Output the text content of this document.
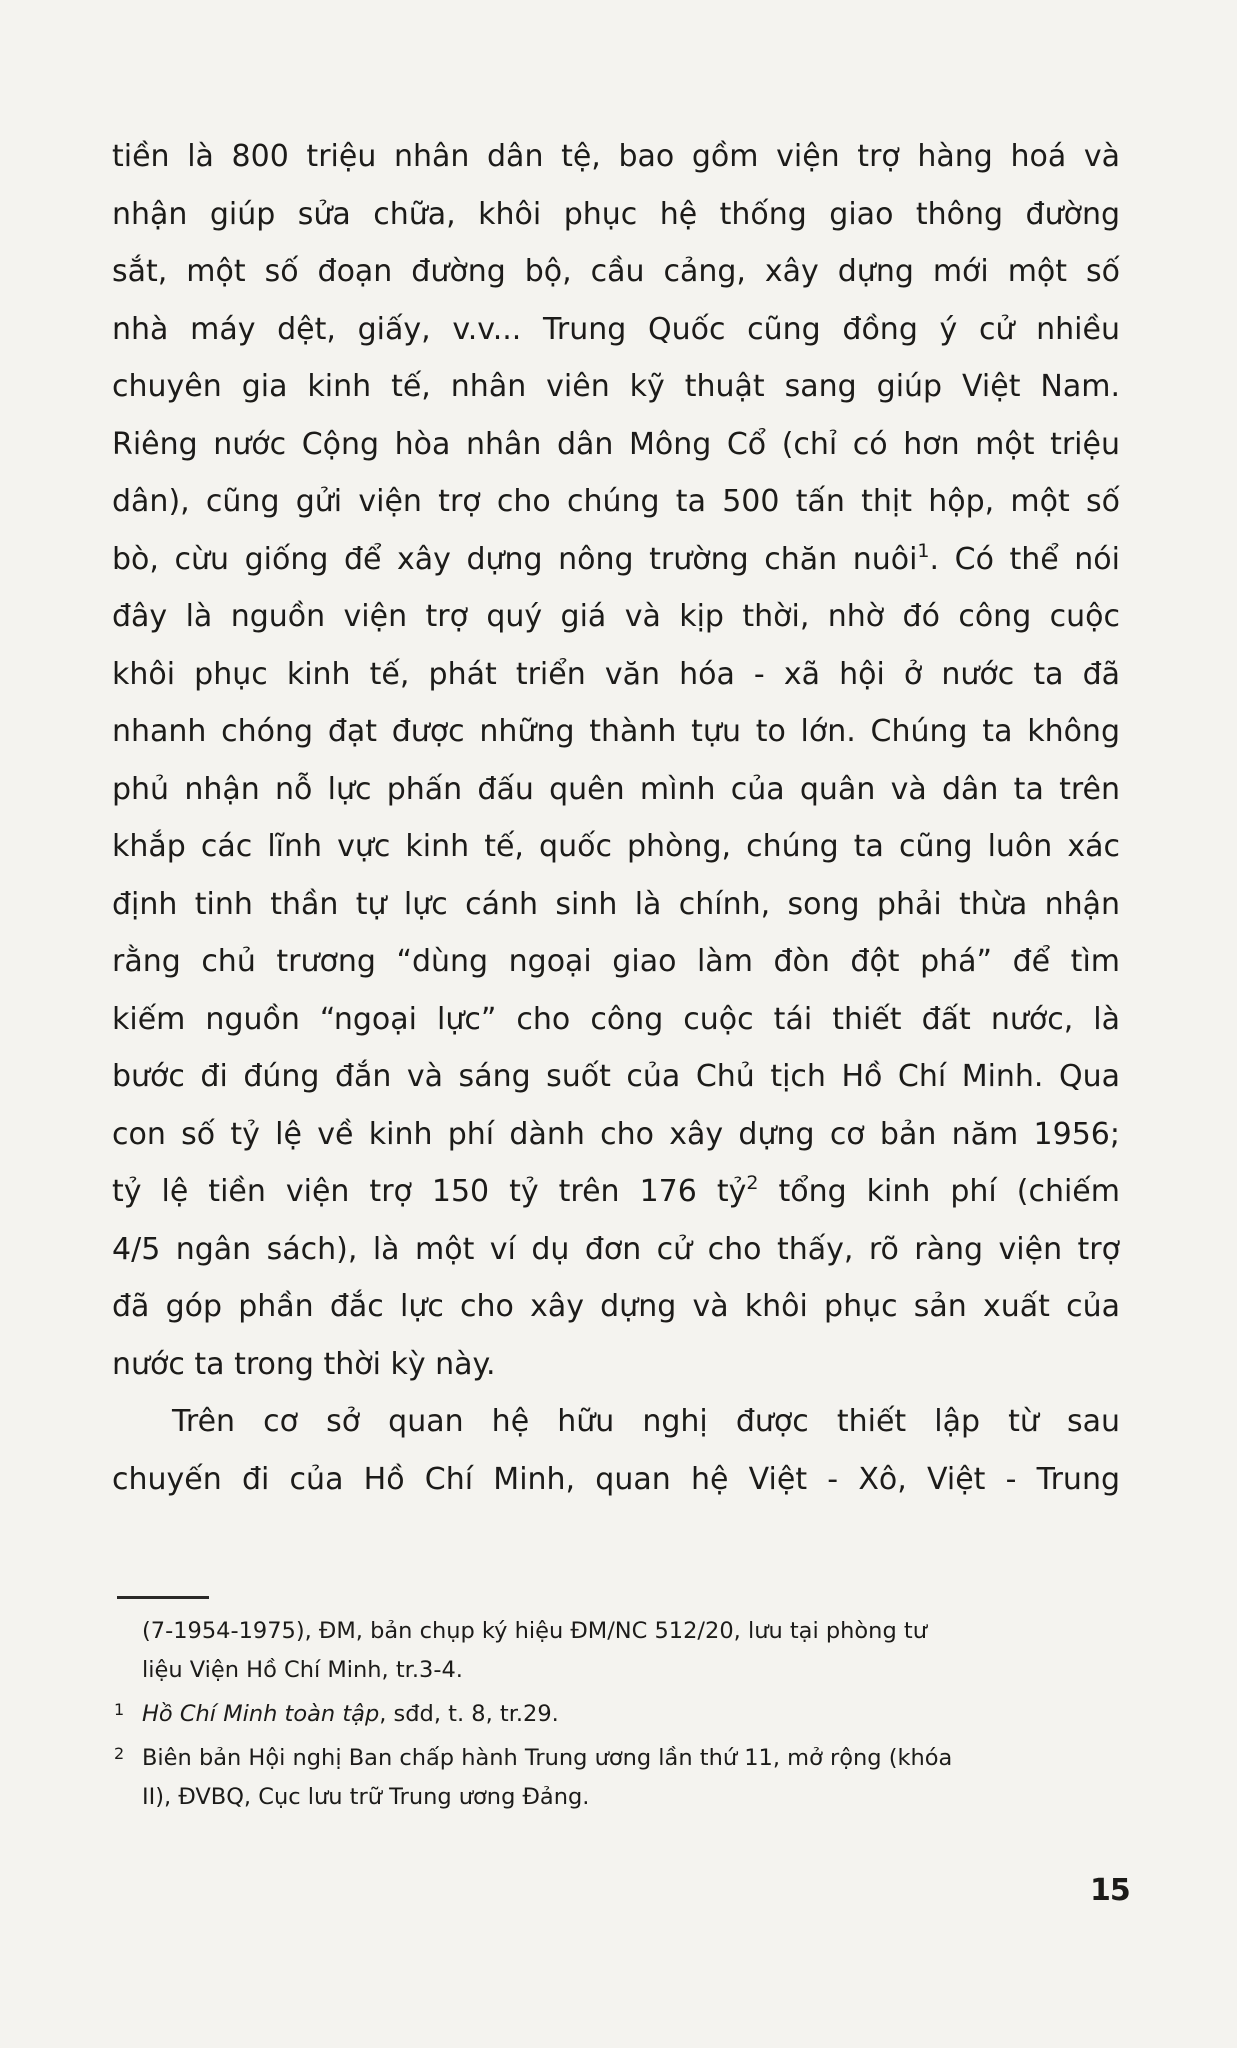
tiền là 800 triệu nhân dân tệ, bao gồm viện trợ hàng hoá và
nhận giúp sửa chữa, khôi phục hệ thống giao thông đường
sắt, một số đoạn đường bộ, cầu cảng, xây dựng mới một số
nhà máy dệt, giấy, v.v... Trung Quốc cũng đồng ý cử nhiều
chuyên gia kinh tế, nhân viên kỹ thuật sang giúp Việt Nam.
Riêng nước Cộng hòa nhân dân Mông Cổ (chỉ có hơn một triệu
dân), cũng gửi viện trợ cho chúng ta 500 tấn thịt hộp, một số
bò, cừu giống để xây dựng nông trường chăn nuôi$^1$. Có thể nói
đây là nguồn viện trợ quý giá và kịp thời, nhờ đó công cuộc
khôi phục kinh tế, phát triển văn hóa - xã hội ở nước ta đã
nhanh chóng đạt được những thành tựu to lớn. Chúng ta không
phủ nhận nỗ lực phấn đấu quên mình của quân và dân ta trên
khắp các lĩnh vực kinh tế, quốc phòng, chúng ta cũng luôn xác
định tinh thần tự lực cánh sinh là chính, song phải thừa nhận
rằng chủ trương “dùng ngoại giao làm đòn đột phá” để tìm
kiếm nguồn “ngoại lực” cho công cuộc tái thiết đất nước, là
bước đi đúng đắn và sáng suốt của Chủ tịch Hồ Chí Minh. Qua
con số tỷ lệ về kinh phí dành cho xây dựng cơ bản năm 1956;
tỷ lệ tiền viện trợ 150 tỷ trên 176 tỷ$^2$ tổng kinh phí (chiếm
4/5 ngân sách), là một ví dụ đơn cử cho thấy, rõ ràng viện trợ
đã góp phần đắc lực cho xây dựng và khôi phục sản xuất của
nước ta trong thời kỳ này.
Trên cơ sở quan hệ hữu nghị được thiết lập từ sau
chuyến đi của Hồ Chí Minh, quan hệ Việt - Xô, Việt - Trung
(7-1954-1975), ĐM, bản chụp ký hiệu ĐM/NC 512/20, lưu tại phòng tư
liệu Viện Hồ Chí Minh, tr.3-4.
1 Hồ Chí Minh toàn tập, sđd, t. 8, tr.29.
2 Biên bản Hội nghị Ban chấp hành Trung ương lần thứ 11, mở rộng (khóa
II), ĐVBQ, Cục lưu trữ Trung ương Đảng.
15
